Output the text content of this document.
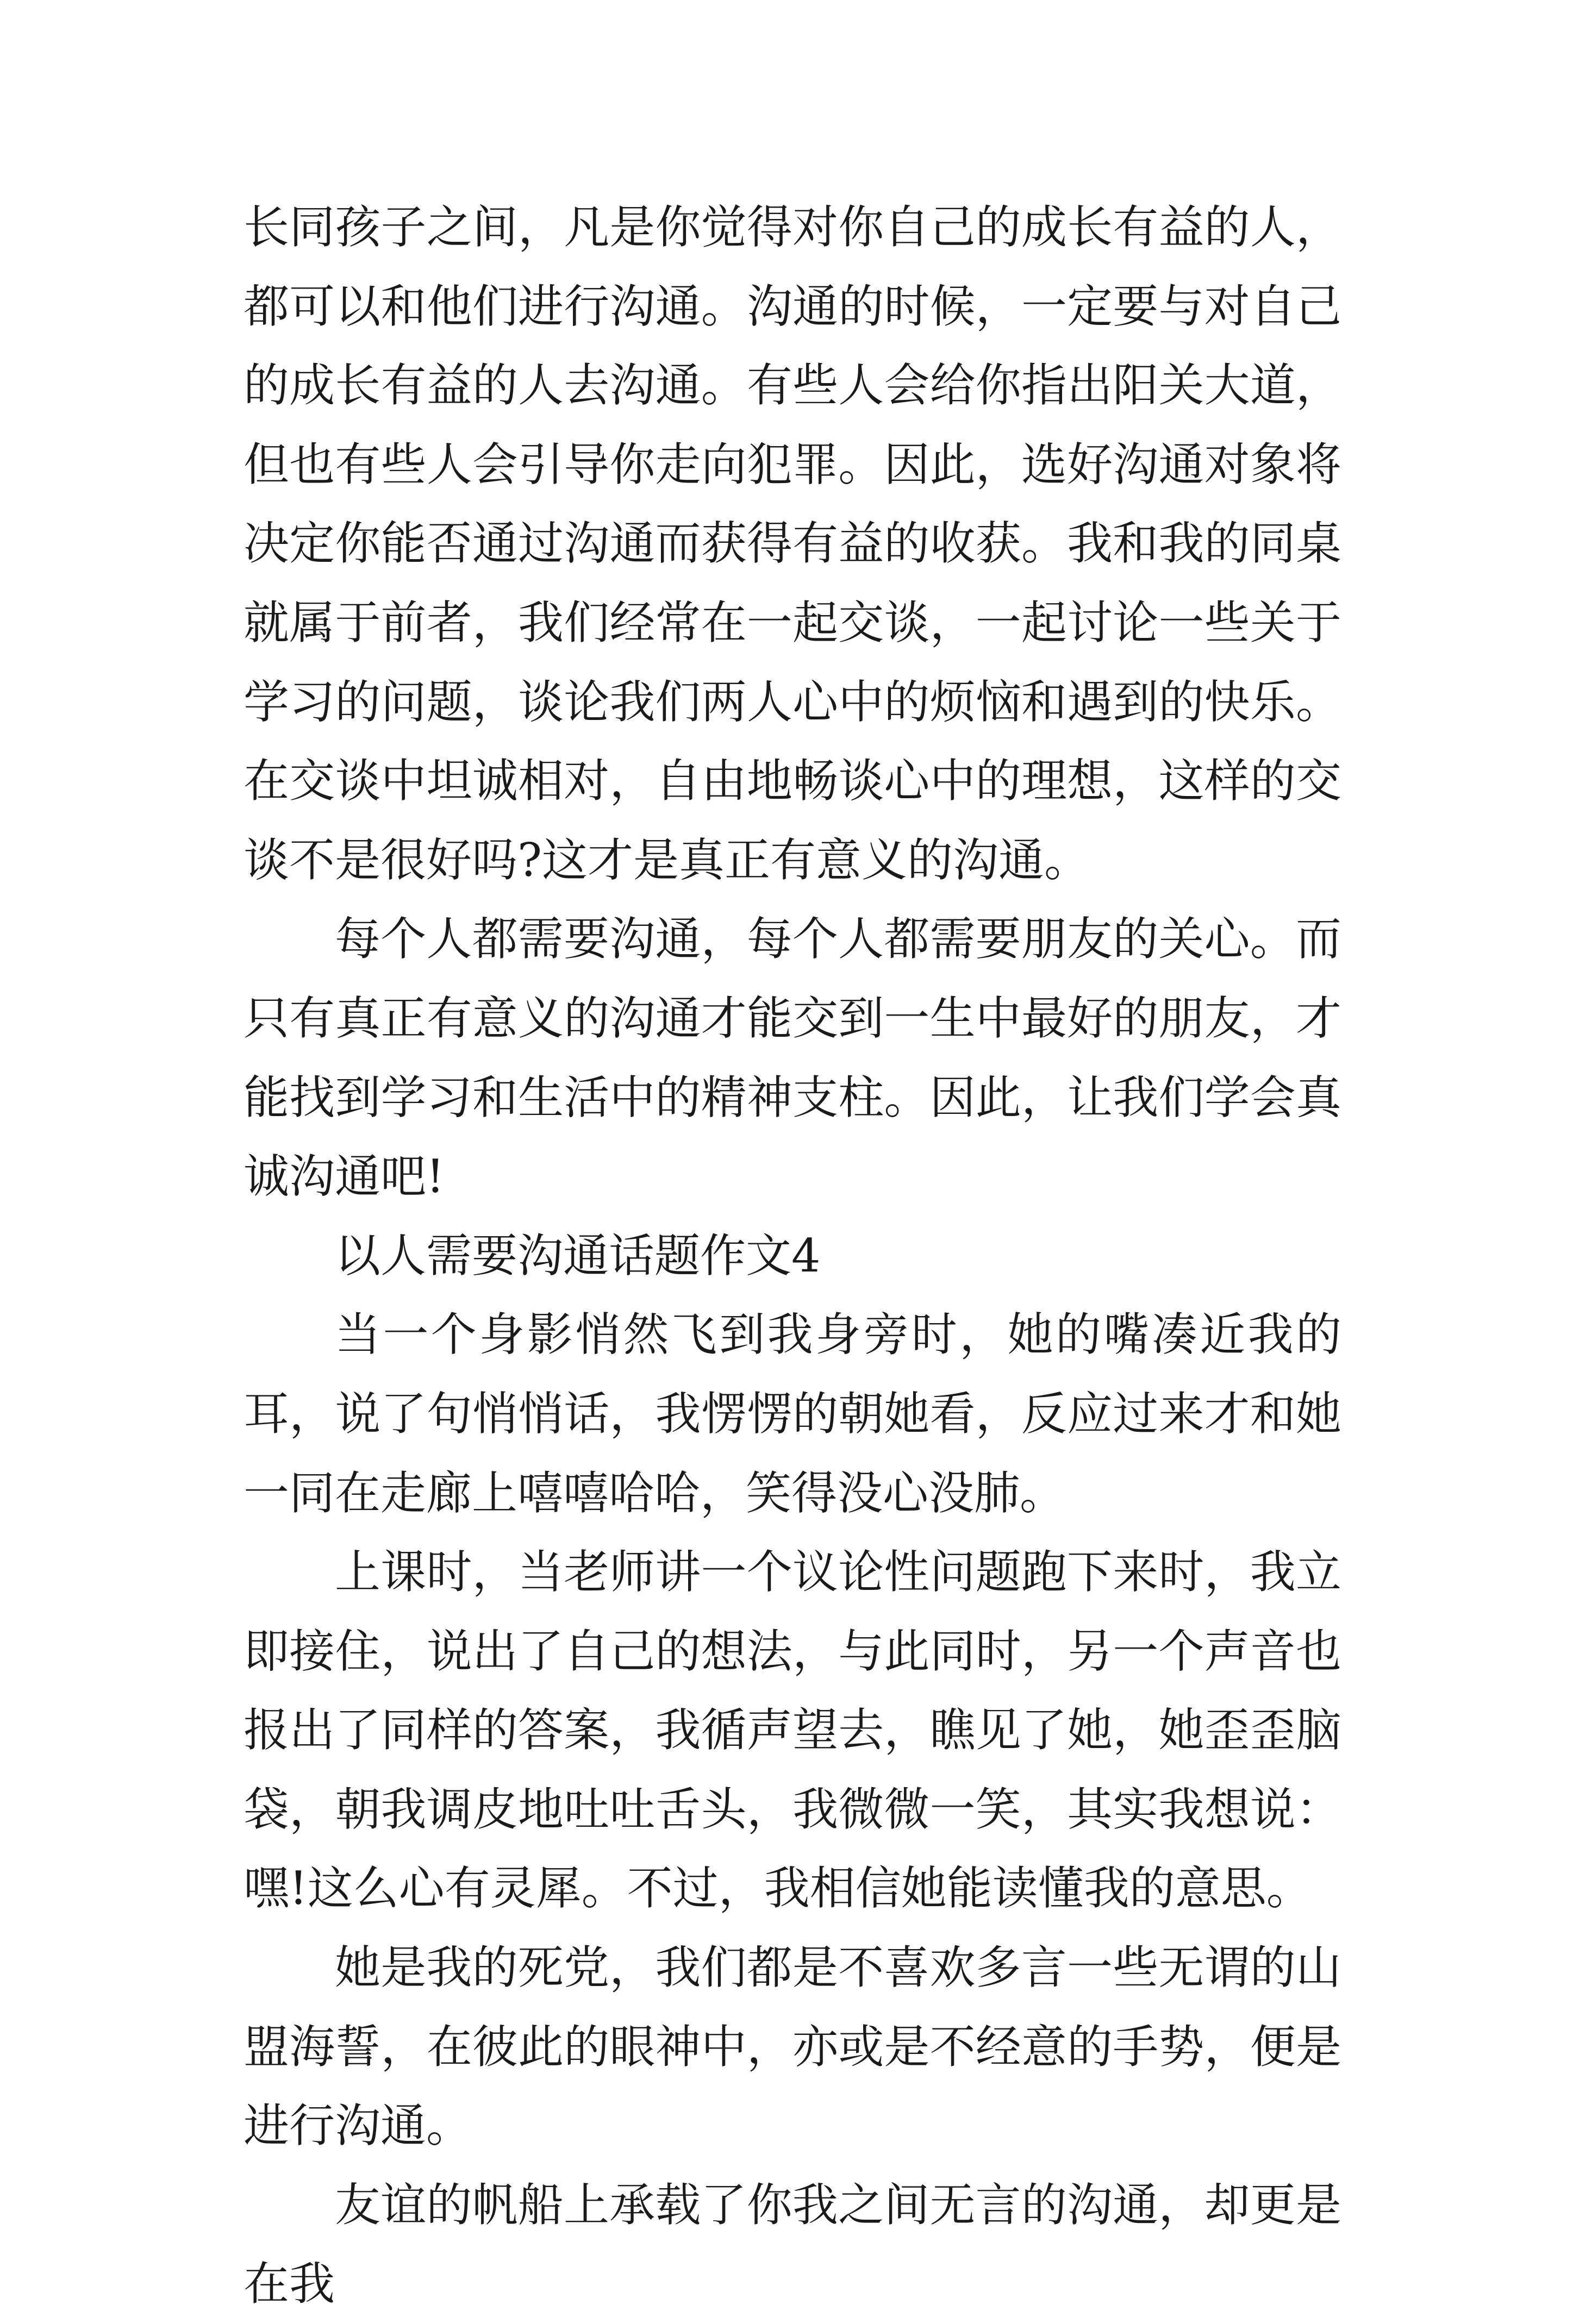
长同孩子之间，凡是你觉得对你自己的成长有益的人，都可以和他们进行沟通。沟通的时候，一定要与对自己的成长有益的人去沟通。有些人会给你指出阳关大道，但也有些人会引导你走向犯罪。因此，选好沟通对象将决定你能否通过沟通而获得有益的收获。我和我的同桌就属于前者，我们经常在一起交谈，一起讨论一些关于学习的问题，谈论我们两人心中的烦恼和遇到的快乐。在交谈中坦诚相对，自由地畅谈心中的理想，这样的交谈不是很好吗?这才是真正有意义的沟通。

每个人都需要沟通，每个人都需要朋友的关心。而只有真正有意义的沟通才能交到一生中最好的朋友，才能找到学习和生活中的精神支柱。因此，让我们学会真诚沟通吧!

以人需要沟通话题作文4

当一个身影悄然飞到我身旁时，她的嘴凑近我的耳，说了句悄悄话，我愣愣的朝她看，反应过来才和她一同在走廊上嘻嘻哈哈，笑得没心没肺。

上课时，当老师讲一个议论性问题跑下来时，我立即接住，说出了自己的想法，与此同时，另一个声音也报出了同样的答案，我循声望去，瞧见了她，她歪歪脑袋，朝我调皮地吐吐舌头，我微微一笑，其实我想说：嘿!这么心有灵犀。不过，我相信她能读懂我的意思。

她是我的死党，我们都是不喜欢多言一些无谓的山盟海誓，在彼此的眼神中，亦或是不经意的手势，便是进行沟通。

友谊的帆船上承载了你我之间无言的沟通，却更是在我
